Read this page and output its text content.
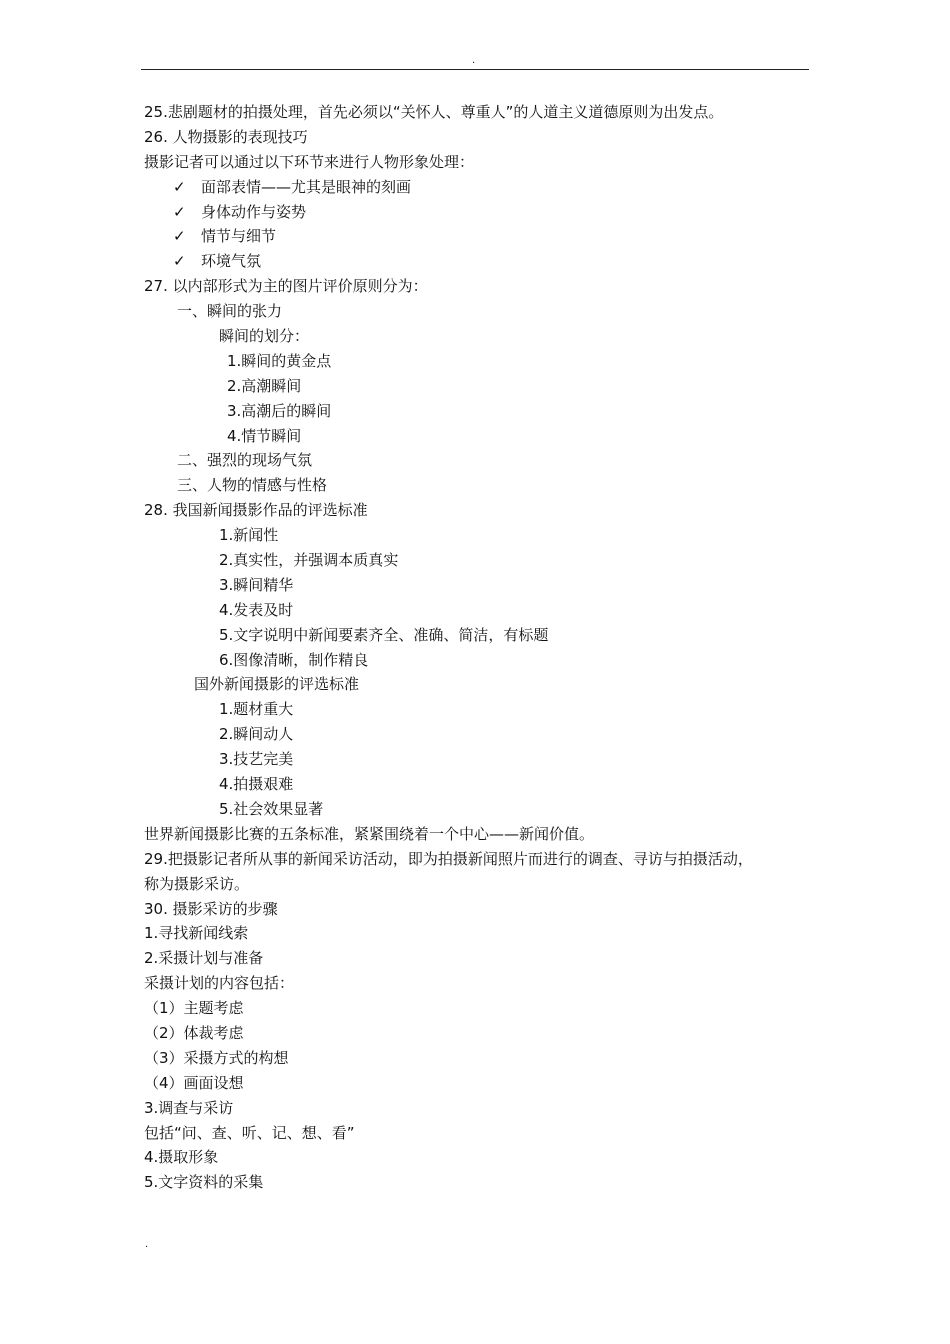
.
25.悲剧题材的拍摄处理，首先必须以“关怀人、尊重人”的人道主义道德原则为出发点。
26. 人物摄影的表现技巧
摄影记者可以通过以下环节来进行人物形象处理：
✓ 面部表情——尤其是眼神的刻画
✓ 身体动作与姿势
✓ 情节与细节
✓ 环境气氛
27. 以内部形式为主的图片评价原则分为：
一、瞬间的张力
瞬间的划分：
1.瞬间的黄金点
2.高潮瞬间
3.高潮后的瞬间
4.情节瞬间
二、强烈的现场气氛
三、人物的情感与性格
28. 我国新闻摄影作品的评选标准
1.新闻性
2.真实性，并强调本质真实
3.瞬间精华
4.发表及时
5.文字说明中新闻要素齐全、准确、简洁，有标题
6.图像清晰，制作精良
国外新闻摄影的评选标准
1.题材重大
2.瞬间动人
3.技艺完美
4.拍摄艰难
5.社会效果显著
世界新闻摄影比赛的五条标准，紧紧围绕着一个中心——新闻价值。
29.把摄影记者所从事的新闻采访活动，即为拍摄新闻照片而进行的调查、寻访与拍摄活动，
称为摄影采访。
30. 摄影采访的步骤
1.寻找新闻线索
2.采摄计划与准备
采摄计划的内容包括：
（1）主题考虑
（2）体裁考虑
（3）采摄方式的构想
（4）画面设想
3.调查与采访
包括“问、查、听、记、想、看”
4.摄取形象
5.文字资料的采集
.
